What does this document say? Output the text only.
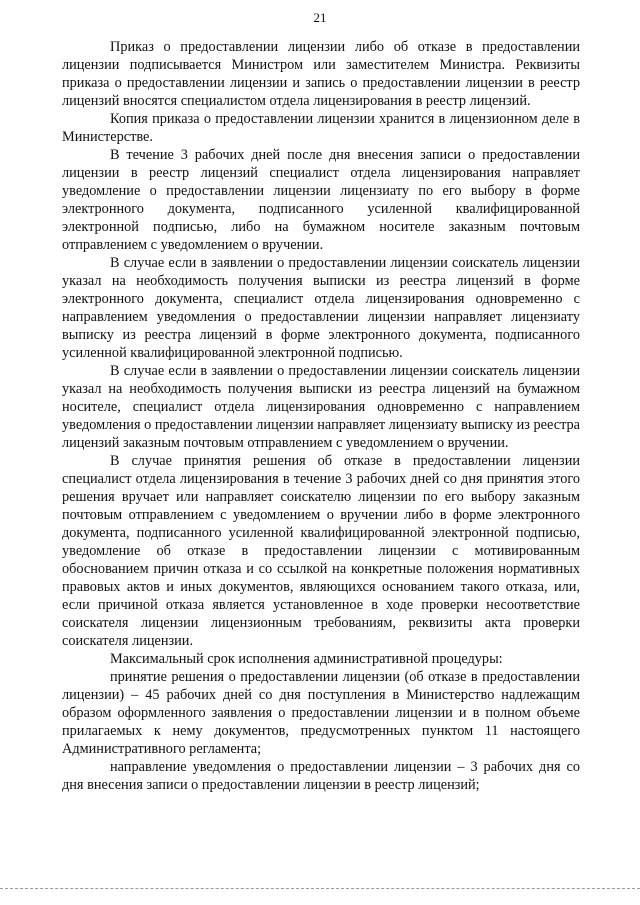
21

Приказ о предоставлении лицензии либо об отказе в предоставлении лицензии подписывается Министром или заместителем Министра. Реквизиты приказа о предоставлении лицензии и запись о предоставлении лицензии в реестр лицензий вносятся специалистом отдела лицензирования в реестр лицензий.

Копия приказа о предоставлении лицензии хранится в лицензионном деле в Министерстве.

В течение 3 рабочих дней после дня внесения записи о предоставлении лицензии в реестр лицензий специалист отдела лицензирования направляет уведомление о предоставлении лицензии лицензиату по его выбору в форме электронного документа, подписанного усиленной квалифицированной электронной подписью, либо на бумажном носителе заказным почтовым отправлением с уведомлением о вручении.

В случае если в заявлении о предоставлении лицензии соискатель лицензии указал на необходимость получения выписки из реестра лицензий в форме электронного документа, специалист отдела лицензирования одновременно с направлением уведомления о предоставлении лицензии направляет лицензиату выписку из реестра лицензий в форме электронного документа, подписанного усиленной квалифицированной электронной подписью.

В случае если в заявлении о предоставлении лицензии соискатель лицензии указал на необходимость получения выписки из реестра лицензий на бумажном носителе, специалист отдела лицензирования одновременно с направлением уведомления о предоставлении лицензии направляет лицензиату выписку из реестра лицензий заказным почтовым отправлением с уведомлением о вручении.

В случае принятия решения об отказе в предоставлении лицензии специалист отдела лицензирования в течение 3 рабочих дней со дня принятия этого решения вручает или направляет соискателю лицензии по его выбору заказным почтовым отправлением с уведомлением о вручении либо в форме электронного документа, подписанного усиленной квалифицированной электронной подписью, уведомление об отказе в предоставлении лицензии с мотивированным обоснованием причин отказа и со ссылкой на конкретные положения нормативных правовых актов и иных документов, являющихся основанием такого отказа, или, если причиной отказа является установленное в ходе проверки несоответствие соискателя лицензии лицензионным требованиям, реквизиты акта проверки соискателя лицензии.

Максимальный срок исполнения административной процедуры:

принятие решения о предоставлении лицензии (об отказе в предоставлении лицензии) – 45 рабочих дней со дня поступления в Министерство надлежащим образом оформленного заявления о предоставлении лицензии и в полном объеме прилагаемых к нему документов, предусмотренных пунктом 11 настоящего Административного регламента;

направление уведомления о предоставлении лицензии – 3 рабочих дня со дня внесения записи о предоставлении лицензии в реестр лицензий;
